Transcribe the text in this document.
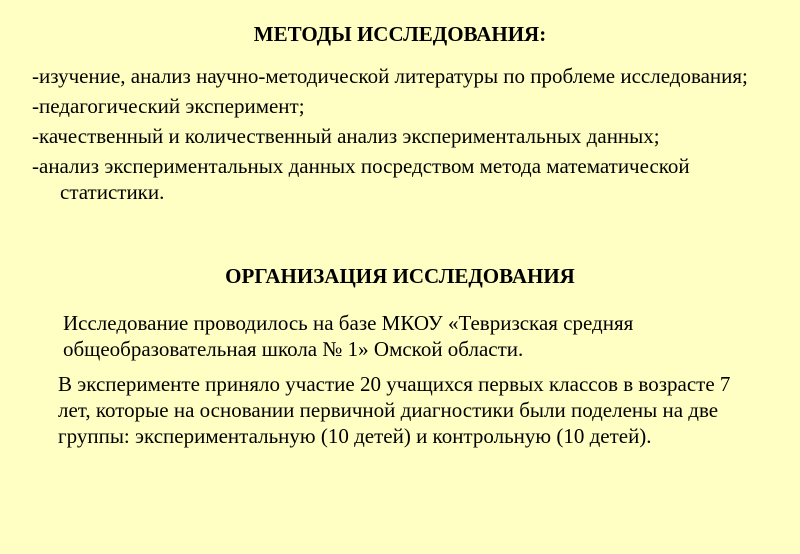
МЕТОДЫ ИССЛЕДОВАНИЯ:
-изучение, анализ научно-методической литературы по проблеме исследования;
-педагогический эксперимент;
-качественный и количественный анализ экспериментальных данных;
-анализ экспериментальных данных посредством метода математической статистики.
ОРГАНИЗАЦИЯ ИССЛЕДОВАНИЯ

Исследование проводилось на базе МКОУ «Тевризская средняя общеобразовательная школа № 1» Омской области.

В эксперименте приняло участие 20 учащихся первых классов в возрасте 7 лет, которые на основании первичной диагностики были поделены на две группы: экспериментальную (10 детей) и контрольную (10 детей).
